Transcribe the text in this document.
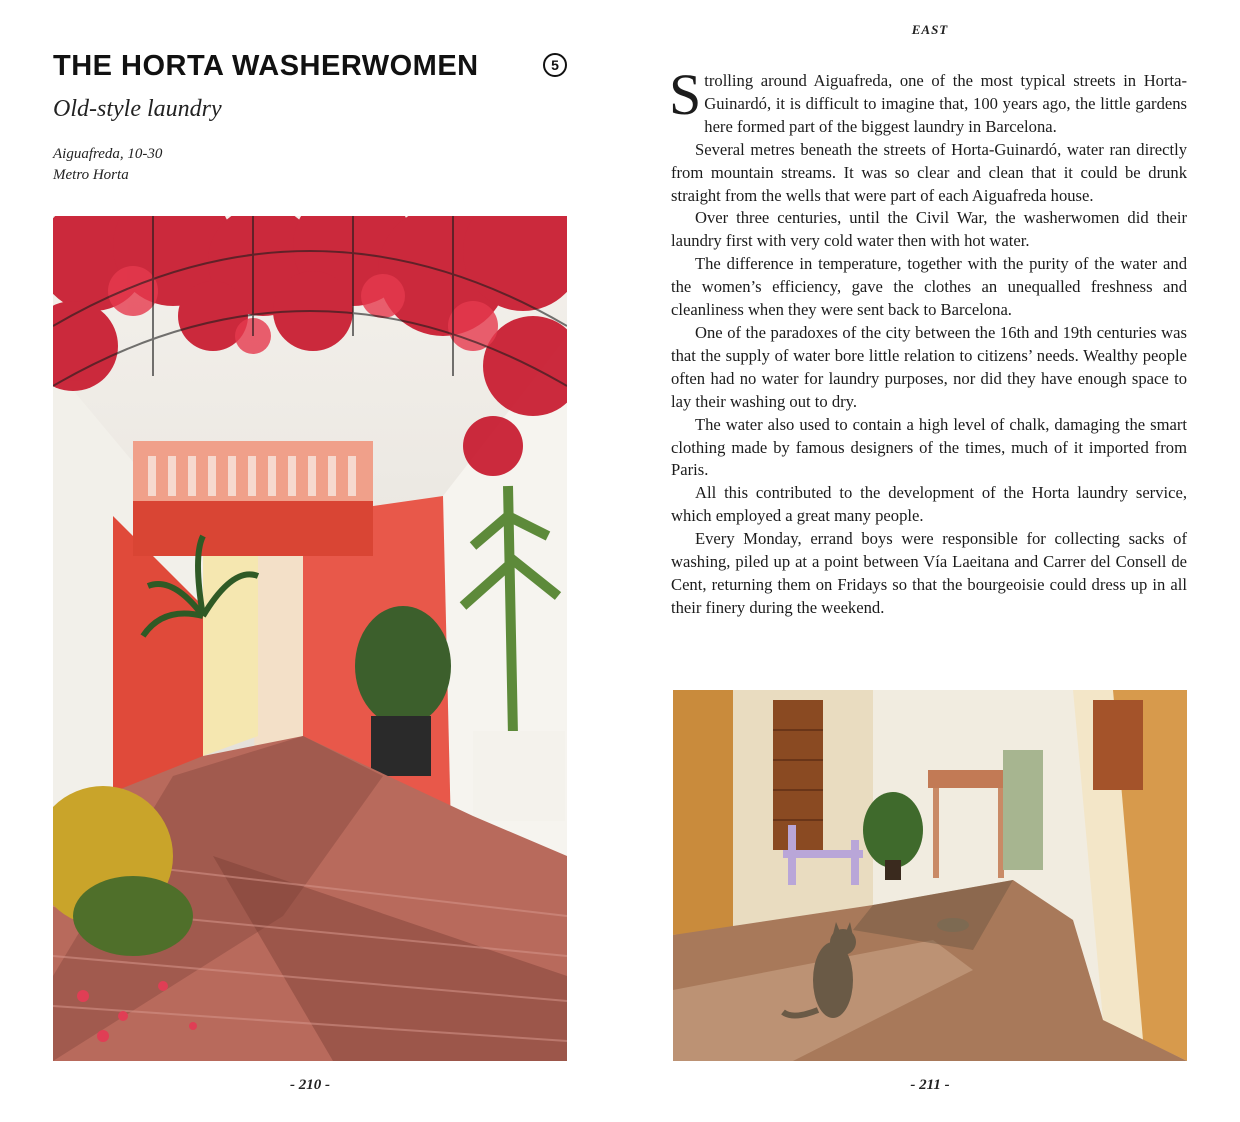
THE HORTA WASHERWOMEN	5
Old-style laundry
Aiguafreda, 10-30
Metro Horta
- 210 -
EAST

Strolling around Aiguafreda, one of the most typical streets in Horta-Guinardó, it is difficult to imagine that, 100 years ago, the little gardens here formed part of the biggest laundry in Barcelona.

Several metres beneath the streets of Horta-Guinardó, water ran directly from mountain streams. It was so clear and clean that it could be drunk straight from the wells that were part of each Aiguafreda house.

Over three centuries, until the Civil War, the washerwomen did their laundry first with very cold water then with hot water.

The difference in temperature, together with the purity of the water and the women’s efficiency, gave the clothes an unequalled freshness and cleanliness when they were sent back to Barcelona.

One of the paradoxes of the city between the 16th and 19th centuries was that the supply of water bore little relation to citizens’ needs. Wealthy people often had no water for laundry purposes, nor did they have enough space to lay their washing out to dry.

The water also used to contain a high level of chalk, damaging the smart clothing made by famous designers of the times, much of it imported from Paris.

All this contributed to the development of the Horta laundry service, which employed a great many people.

Every Monday, errand boys were responsible for collecting sacks of washing, piled up at a point between Vía Laeitana and Carrer del Consell de Cent, returning them on Fridays so that the bourgeoisie could dress up in all their finery during the weekend.

- 211 -
